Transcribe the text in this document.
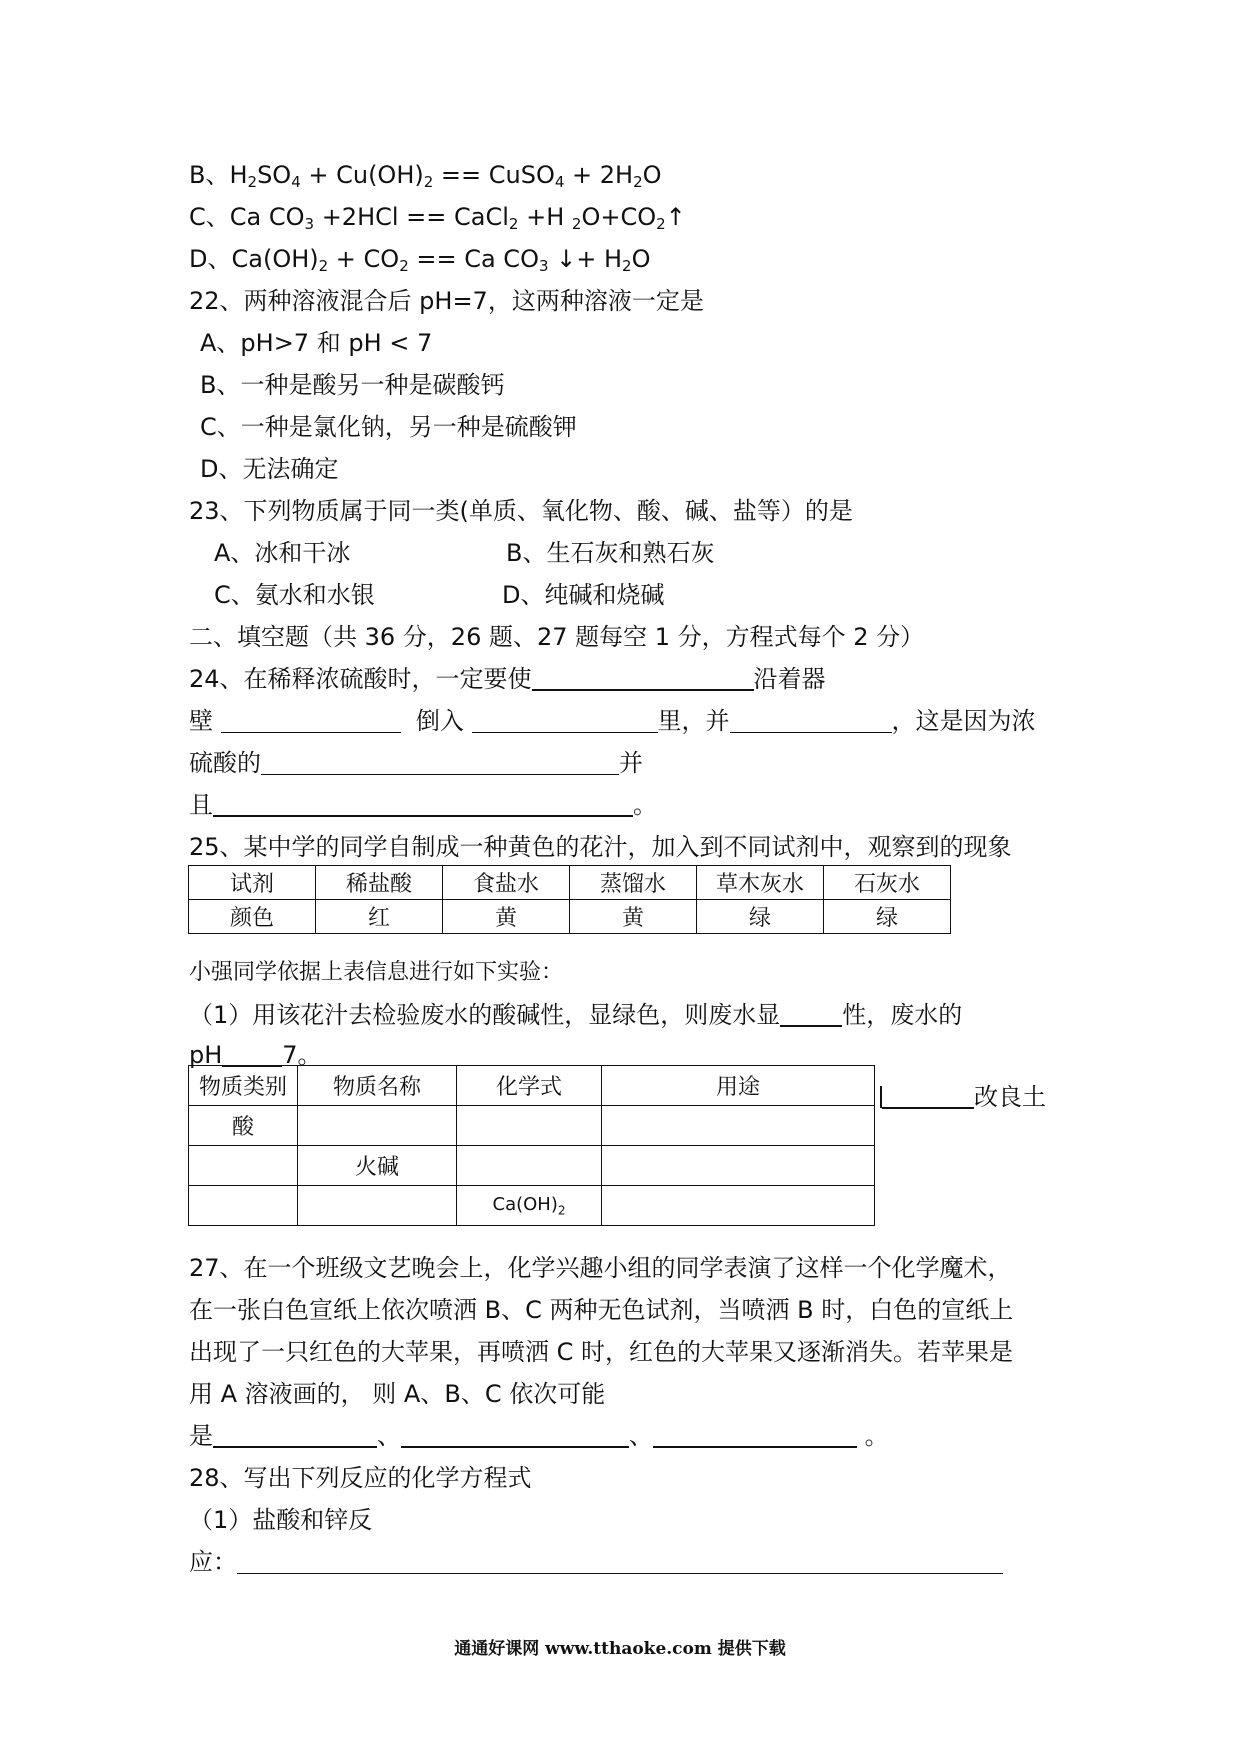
B、$H_2SO_4 + Cu(OH)_2$ == CuSO$_4$ + $2H_2O$
C、Ca $CO_3 +2HCl$ == CaCl$_2$ +H $_2O+CO_2↑$
D、$Ca(OH)_2 + CO_2 == Ca$ $CO_3$ ↓+ $H_2O$
22、两种溶液混合后 pH=7，这两种溶液一定是
A、pH>7 和 pH < 7
B、一种是酸另一种是碳酸钙
C、一种是氯化钠，另一种是硫酸钾
D、无法确定
23、下列物质属于同一类(单质、氧化物、酸、碱、盐等）的是
A、冰和干冰	B、生石灰和熟石灰
C、氨水和水银	D、纯碱和烧碱
二、填空题（共 36 分，26 题、27 题每空 1 分，方程式每个 2 分）
24、在稀释浓硫酸时，一定要使	沿着器
壁	倒入	里，并	，这是因为浓
硫酸的	并
且	。
25、某中学的同学自制成一种黄色的花汁，加入到不同试剂中，观察到的现象
试剂	稀盐酸	食盐水	蒸馏水	草木灰水	石灰水
颜色	红	黄	黄	绿	绿
小强同学依据上表信息进行如下实验：
（1）用该花汁去检验废水的酸碱性，显绿色，则废水显	性，废水的
pH	7。
物质类别	物质名称	化学式	用途
酸			
	火碱		
		$Ca(OH)_2$	
改良土
27、在一个班级文艺晚会上，化学兴趣小组的同学表演了这样一个化学魔术，
在一张白色宣纸上依次喷洒 B、C 两种无色试剂，当喷洒 B 时，白色的宣纸上
出现了一只红色的大苹果，再喷洒 C 时，红色的大苹果又逐渐消失。若苹果是
用 A 溶液画的， 则 A、B、C 依次可能
是	、	、	。
28、写出下列反应的化学方程式
（1）盐酸和锌反
应：
通通好课网 www.tthaoke.com 提供下载
